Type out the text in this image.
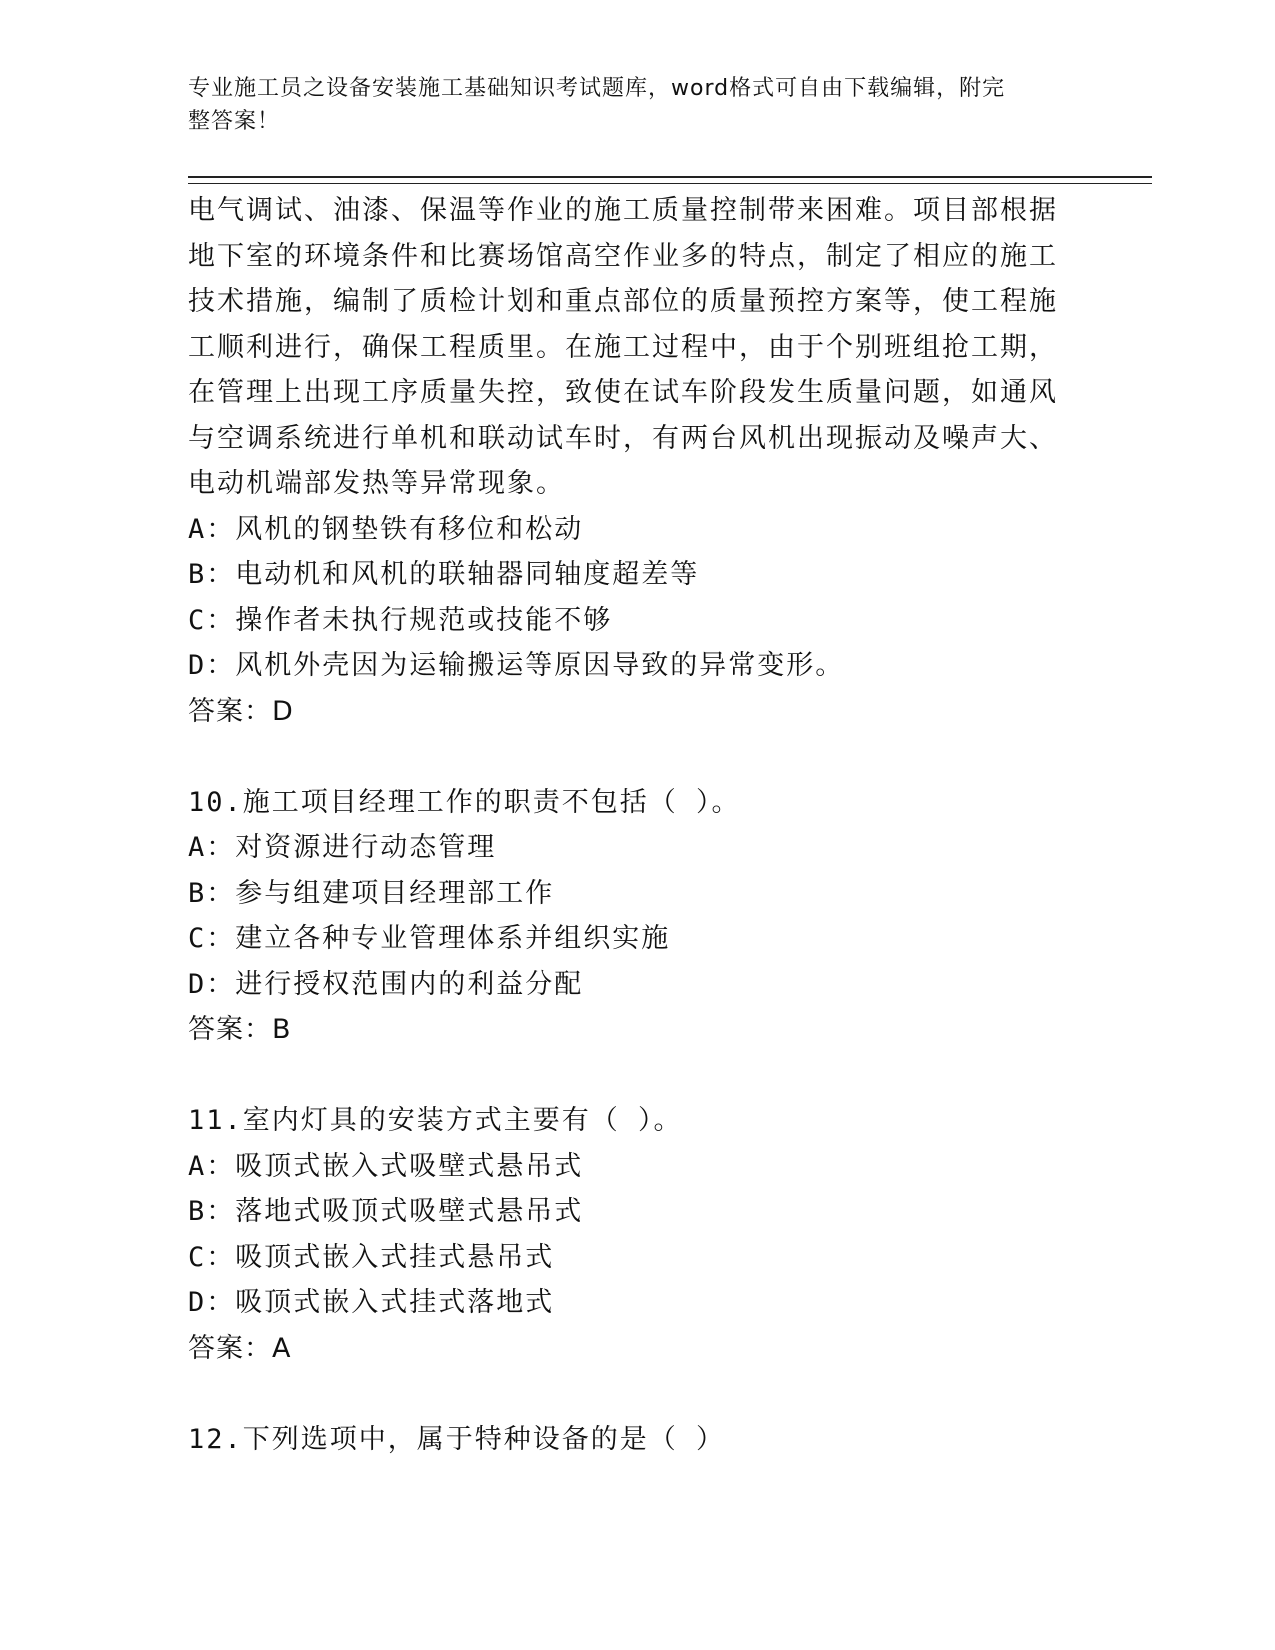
专业施工员之设备安装施工基础知识考试题库，word格式可自由下载编辑，附完
整答案！
电气调试、油漆、保温等作业的施工质量控制带来困难。项目部根据
地下室的环境条件和比赛场馆高空作业多的特点，制定了相应的施工
技术措施，编制了质检计划和重点部位的质量预控方案等，使工程施
工顺利进行，确保工程质里。在施工过程中，由于个别班组抢工期，
在管理上出现工序质量失控，致使在试车阶段发生质量问题，如通风
与空调系统进行单机和联动试车时，有两台风机出现振动及噪声大、
电动机端部发热等异常现象。
A：风机的钢垫铁有移位和松动
B：电动机和风机的联轴器同轴度超差等
C：操作者未执行规范或技能不够
D：风机外壳因为运输搬运等原因导致的异常变形。
答案：D
10.施工项目经理工作的职责不包括（ ）。
A：对资源进行动态管理
B：参与组建项目经理部工作
C：建立各种专业管理体系并组织实施
D：进行授权范围内的利益分配
答案：B
11.室内灯具的安装方式主要有（ ）。
A：吸顶式嵌入式吸壁式悬吊式
B：落地式吸顶式吸壁式悬吊式
C：吸顶式嵌入式挂式悬吊式
D：吸顶式嵌入式挂式落地式
答案：A
12.下列选项中，属于特种设备的是（ ）
